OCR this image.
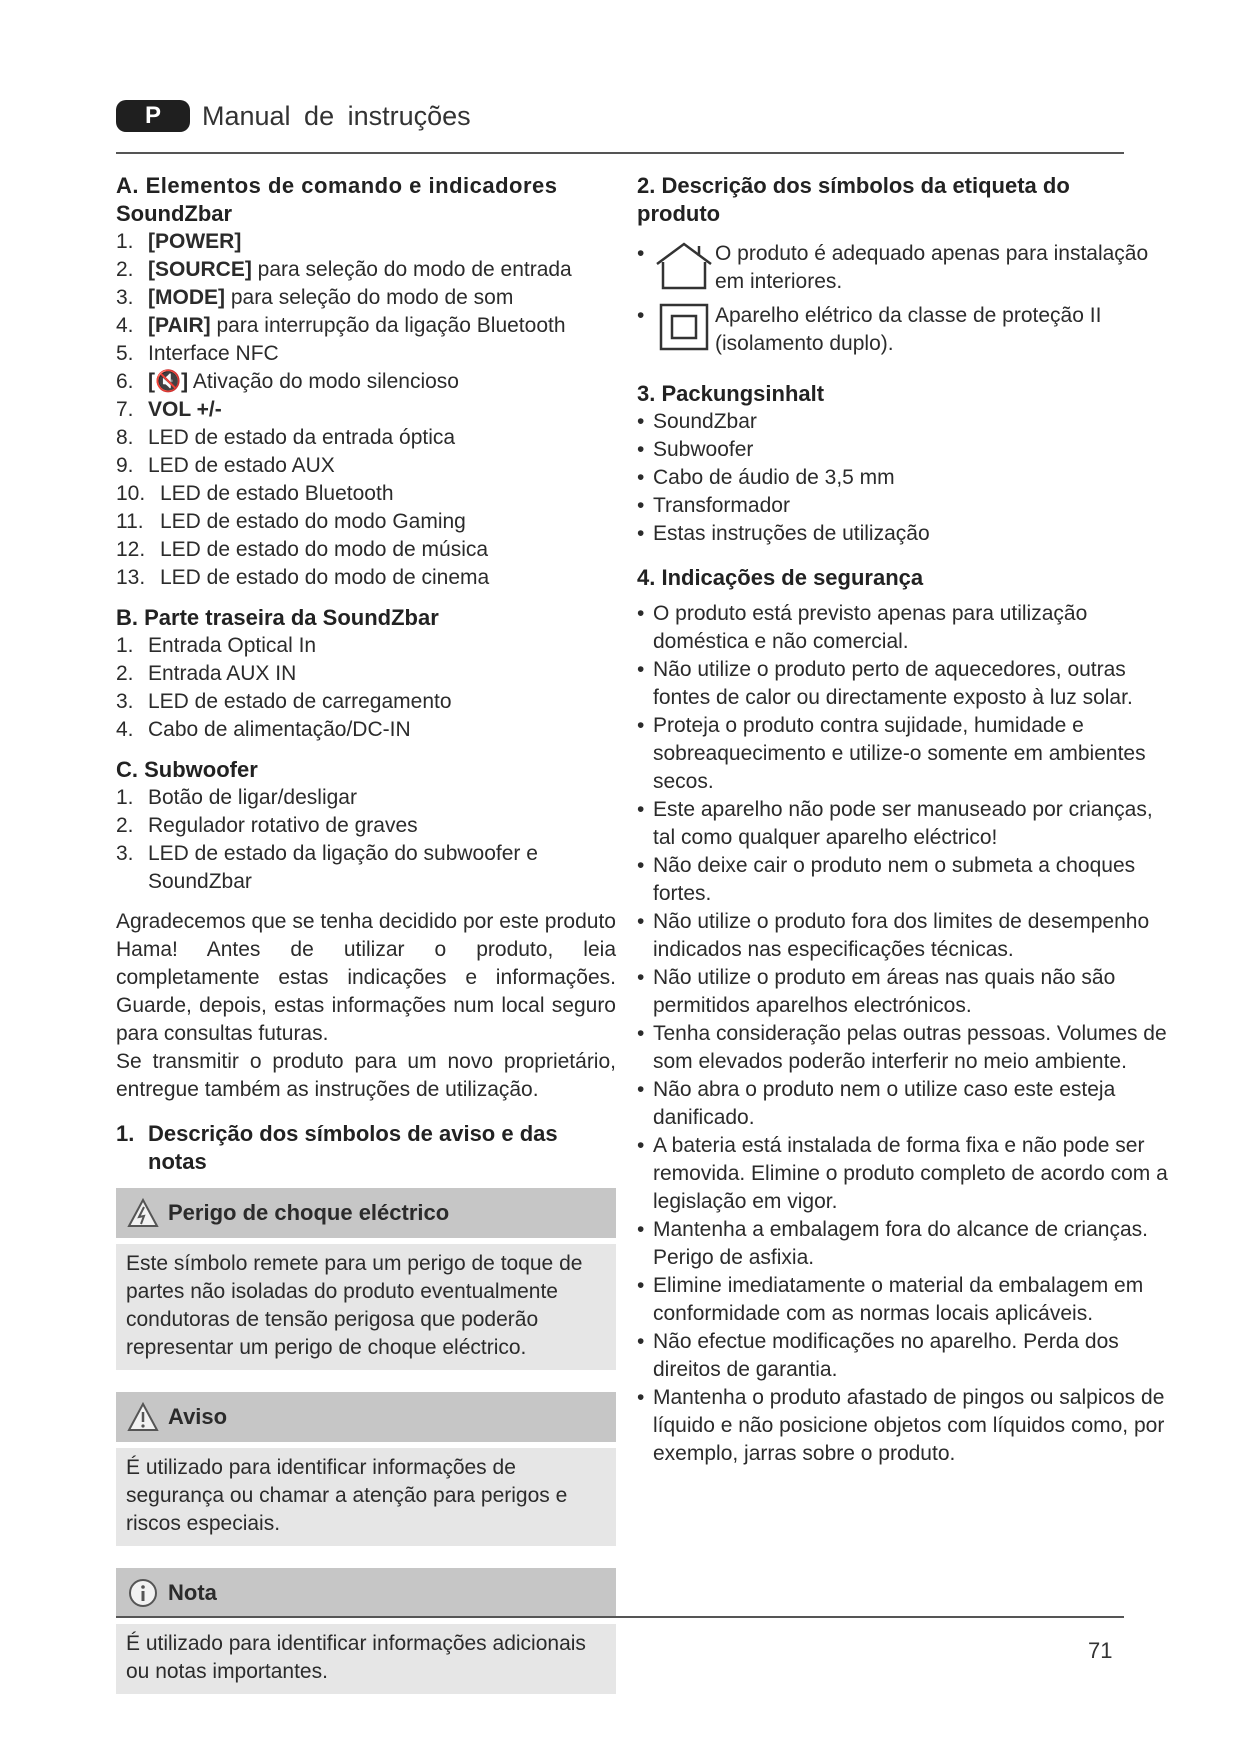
P	Manual de instruções
A. Elementos de comando e indicadores
SoundZbar
1. [POWER]
2. [SOURCE] para seleção do modo de entrada
3. [MODE] para seleção do modo de som
4. [PAIR] para interrupção da ligação Bluetooth
5. Interface NFC
6. [🔇] Ativação do modo silencioso
7. VOL +/-
8. LED de estado da entrada óptica
9. LED de estado AUX
10. LED de estado Bluetooth
11. LED de estado do modo Gaming
12. LED de estado do modo de música
13. LED de estado do modo de cinema
B. Parte traseira da SoundZbar
1. Entrada Optical In
2. Entrada AUX IN
3. LED de estado de carregamento
4. Cabo de alimentação/DC-IN
C. Subwoofer
1. Botão de ligar/desligar
2. Regulador rotativo de graves
3. LED de estado da ligação do subwoofer e SoundZbar

Agradecemos que se tenha decidido por este produto Hama! Antes de utilizar o produto, leia completamente estas indicações e informações. Guarde, depois, estas informações num local seguro para consultas futuras.

Se transmitir o produto para um novo proprietário, entregue também as instruções de utilização.

1. Descrição dos símbolos de aviso e das notas
Perigo de choque eléctrico
Este símbolo remete para um perigo de toque de partes não isoladas do produto eventualmente condutoras de tensão perigosa que poderão representar um perigo de choque eléctrico.
Aviso
É utilizado para identificar informações de segurança ou chamar a atenção para perigos e riscos especiais.
Nota
É utilizado para identificar informações adicionais ou notas importantes.
2. Descrição dos símbolos da etiqueta do
produto
•	O produto é adequado apenas para instalação em interiores.
•	Aparelho elétrico da classe de proteção II (isolamento duplo).
3. Packungsinhalt
• SoundZbar
• Subwoofer
• Cabo de áudio de 3,5 mm
• Transformador
• Estas instruções de utilização
4. Indicações de segurança
• O produto está previsto apenas para utilização doméstica e não comercial.
• Não utilize o produto perto de aquecedores, outras fontes de calor ou directamente exposto à luz solar.
• Proteja o produto contra sujidade, humidade e sobreaquecimento e utilize-o somente em ambientes secos.
• Este aparelho não pode ser manuseado por crianças, tal como qualquer aparelho eléctrico!
• Não deixe cair o produto nem o submeta a choques fortes.
• Não utilize o produto fora dos limites de desempenho indicados nas especificações técnicas.
• Não utilize o produto em áreas nas quais não são permitidos aparelhos electrónicos.
• Tenha consideração pelas outras pessoas. Volumes de som elevados poderão interferir no meio ambiente.
• Não abra o produto nem o utilize caso este esteja danificado.
• A bateria está instalada de forma fixa e não pode ser removida. Elimine o produto completo de acordo com a legislação em vigor.
• Mantenha a embalagem fora do alcance de crianças. Perigo de asfixia.
• Elimine imediatamente o material da embalagem em conformidade com as normas locais aplicáveis.
• Não efectue modificações no aparelho. Perda dos direitos de garantia.
• Mantenha o produto afastado de pingos ou salpicos de líquido e não posicione objetos com líquidos como, por exemplo, jarras sobre o produto.
71
